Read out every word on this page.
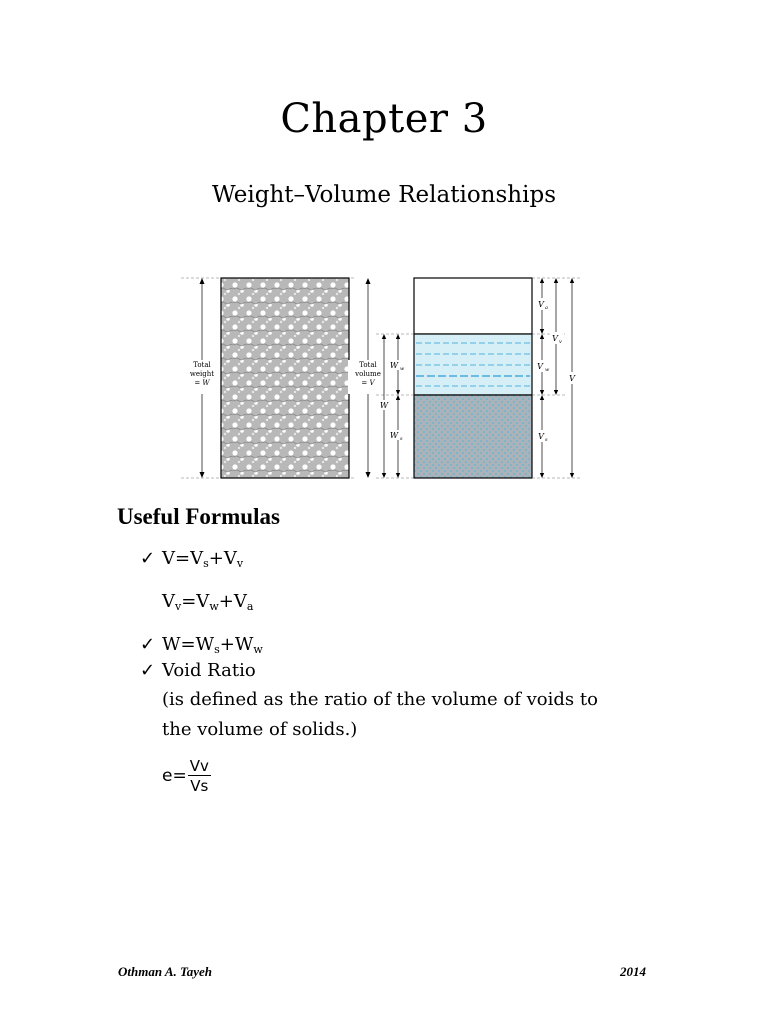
Chapter 3
Weight–Volume Relationships
Total
weight
= W
Total
volume
= V
W w
W s
W
V a
V w
V s
V v
V
Useful Formulas
✓ $V=V_s+V_v$
$V_v=V_w+V_a$
✓ $W=W_s+W_w$
✓ Void Ratio
(is defined as the ratio of the volume of voids to
the volume of solids.)
$e= \frac{Vv}{Vs}$
Othman A. Tayeh	2014
